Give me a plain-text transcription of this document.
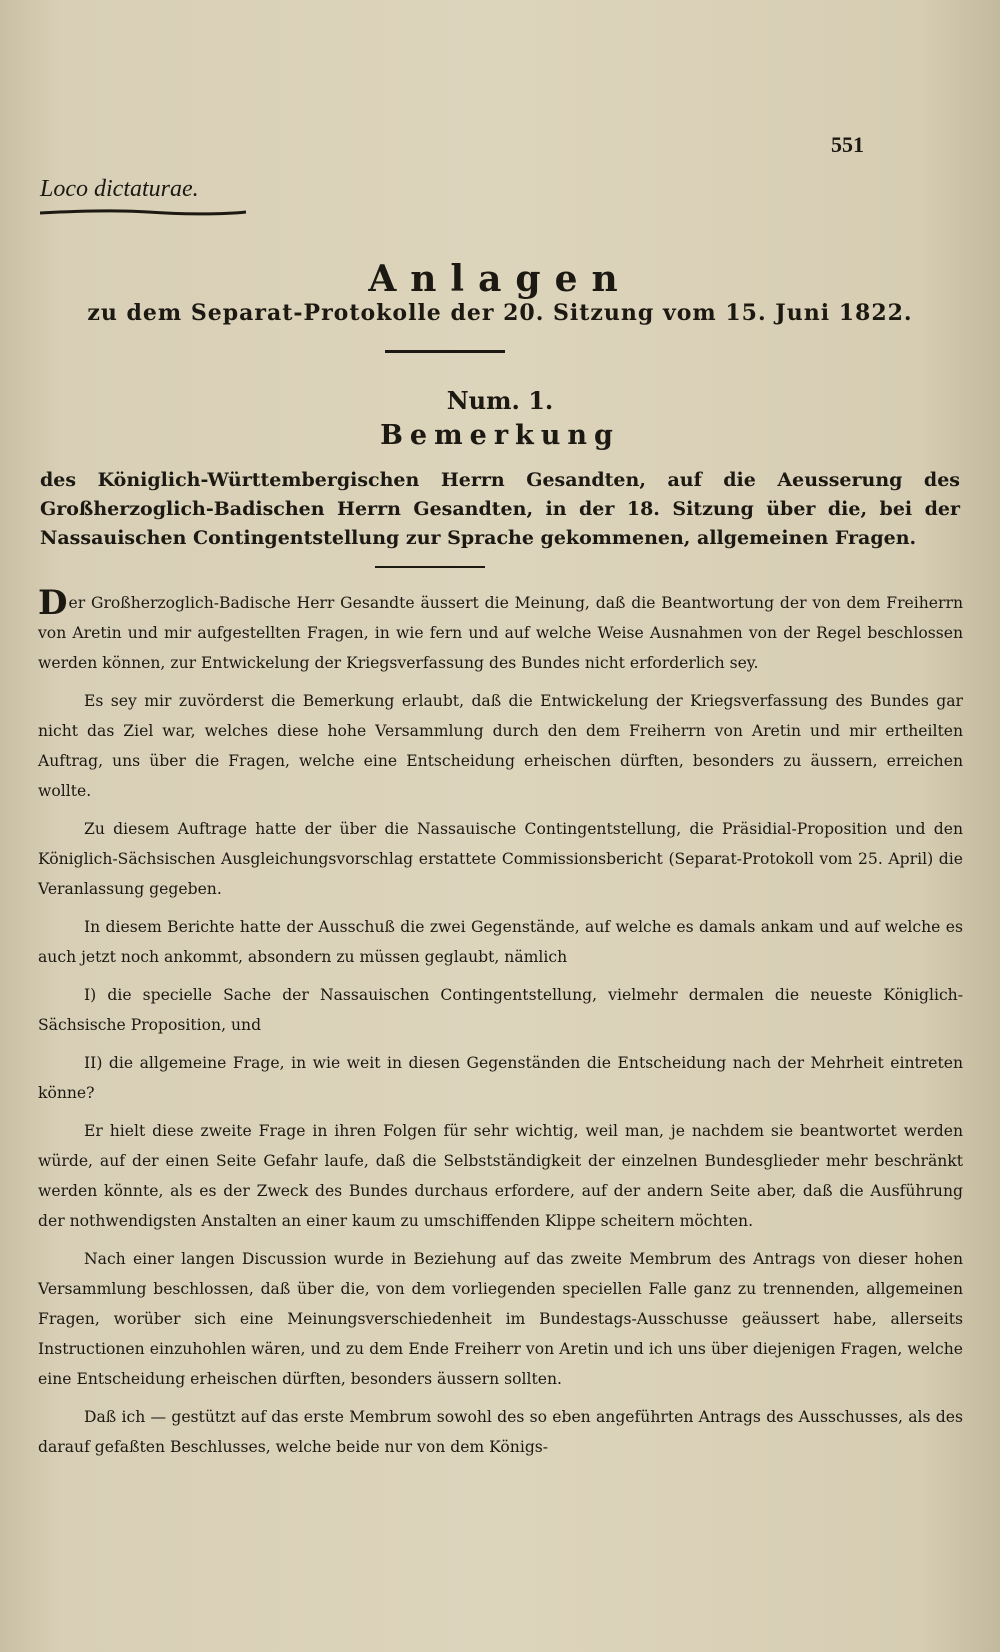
551
Loco dictaturae.
Anlagen
zu dem Separat-Protokolle der 20. Sitzung vom 15. Juni 1822.
Num. 1.
Bemerkung
des Königlich-Württembergischen Herrn Gesandten, auf die Aeusserung des Großherzoglich-Badischen Herrn Gesandten, in der 18. Sitzung über die, bei der Nassauischen Contingentstellung zur Sprache gekommenen, allgemeinen Fragen.

Der Großherzoglich-Badische Herr Gesandte äussert die Meinung, daß die Beantwortung der von dem Freiherrn von Aretin und mir aufgestellten Fragen, in wie fern und auf welche Weise Ausnahmen von der Regel beschlossen werden können, zur Entwickelung der Kriegsverfassung des Bundes nicht erforderlich sey.

Es sey mir zuvörderst die Bemerkung erlaubt, daß die Entwickelung der Kriegsverfassung des Bundes gar nicht das Ziel war, welches diese hohe Versammlung durch den dem Freiherrn von Aretin und mir ertheilten Auftrag, uns über die Fragen, welche eine Entscheidung erheischen dürften, besonders zu äussern, erreichen wollte.

Zu diesem Auftrage hatte der über die Nassauische Contingentstellung, die Präsidial-Proposition und den Königlich-Sächsischen Ausgleichungsvorschlag erstattete Commissionsbericht (Separat-Protokoll vom 25. April) die Veranlassung gegeben.

In diesem Berichte hatte der Ausschuß die zwei Gegenstände, auf welche es damals ankam und auf welche es auch jetzt noch ankommt, absondern zu müssen geglaubt, nämlich

I) die specielle Sache der Nassauischen Contingentstellung, vielmehr dermalen die neueste Königlich-Sächsische Proposition, und

II) die allgemeine Frage, in wie weit in diesen Gegenständen die Entscheidung nach der Mehrheit eintreten könne?

Er hielt diese zweite Frage in ihren Folgen für sehr wichtig, weil man, je nachdem sie beantwortet werden würde, auf der einen Seite Gefahr laufe, daß die Selbstständigkeit der einzelnen Bundesglieder mehr beschränkt werden könnte, als es der Zweck des Bundes durchaus erfordere, auf der andern Seite aber, daß die Ausführung der nothwendigsten Anstalten an einer kaum zu umschiffenden Klippe scheitern möchten.

Nach einer langen Discussion wurde in Beziehung auf das zweite Membrum des Antrags von dieser hohen Versammlung beschlossen, daß über die, von dem vorliegenden speciellen Falle ganz zu trennenden, allgemeinen Fragen, worüber sich eine Meinungsverschiedenheit im Bundestags-Ausschusse geäussert habe, allerseits Instructionen einzuhohlen wären, und zu dem Ende Freiherr von Aretin und ich uns über diejenigen Fragen, welche eine Entscheidung erheischen dürften, besonders äussern sollten.

Daß ich — gestützt auf das erste Membrum sowohl des so eben angeführten Antrags des Ausschusses, als des darauf gefaßten Beschlusses, welche beide nur von dem Königs-
